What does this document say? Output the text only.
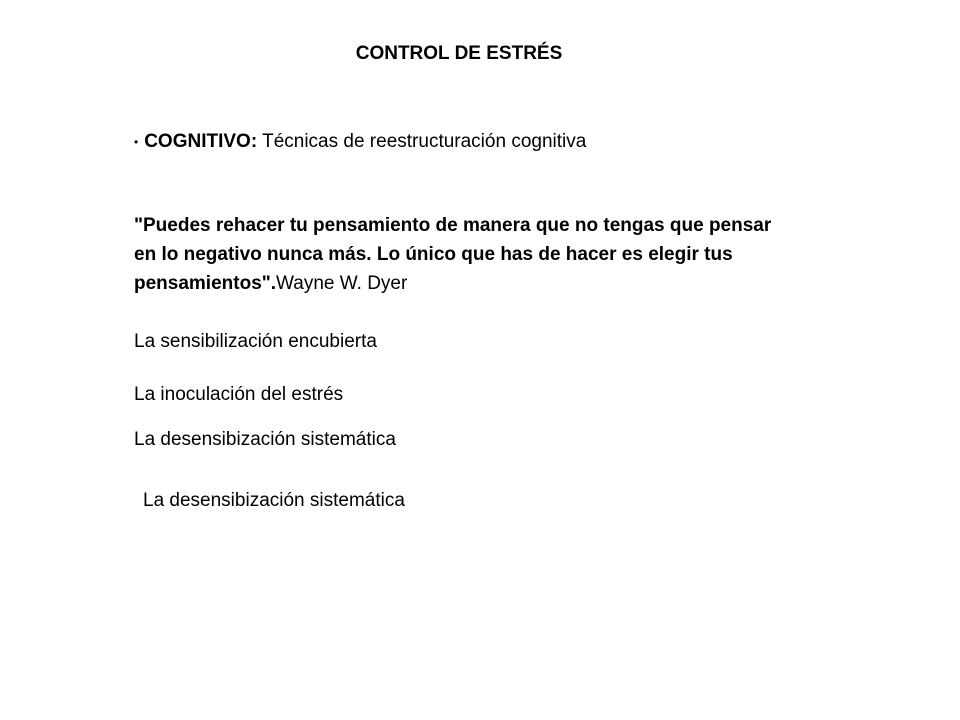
CONTROL DE ESTRÉS
• COGNITIVO: Técnicas de reestructuración cognitiva
"Puedes rehacer tu pensamiento de manera que no tengas que pensar en lo negativo nunca más. Lo único que has de hacer es elegir tus pensamientos".Wayne W. Dyer
La sensibilización encubierta
La inoculación del estrés
La desensibización sistemática
La desensibización sistemática
